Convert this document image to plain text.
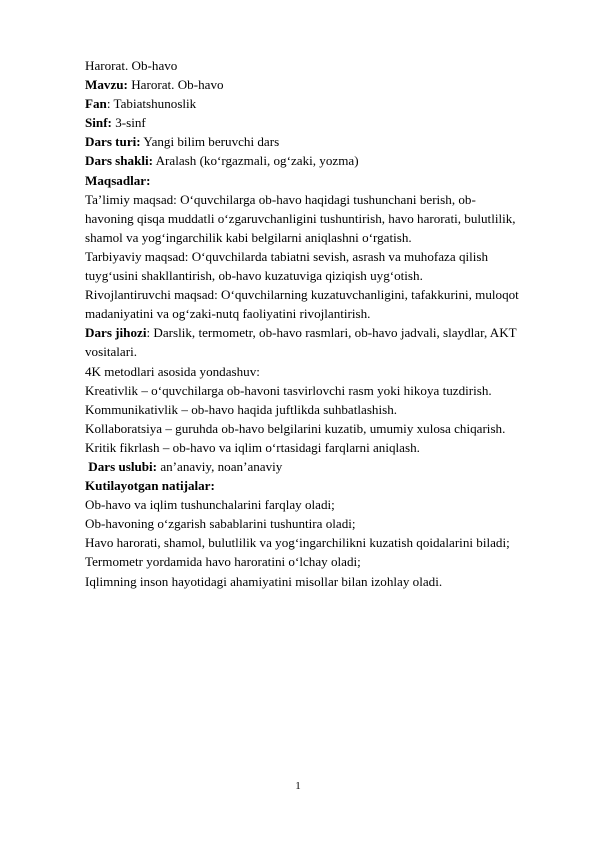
Harorat. Ob-havo

Mavzu: Harorat. Ob-havo

Fan: Tabiatshunoslik

Sinf: 3-sinf

Dars turi: Yangi bilim beruvchi dars

Dars shakli: Aralash (ko‘rgazmali, og‘zaki, yozma)

Maqsadlar:

Ta’limiy maqsad: O‘quvchilarga ob-havo haqidagi tushunchani berish, ob-

havoning qisqa muddatli o‘zgaruvchanligini tushuntirish, havo harorati, bulutlilik,

shamol va yog‘ingarchilik kabi belgilarni aniqlashni o‘rgatish.

Tarbiyaviy maqsad: O‘quvchilarda tabiatni sevish, asrash va muhofaza qilish

tuyg‘usini shakllantirish, ob-havo kuzatuviga qiziqish uyg‘otish.

Rivojlantiruvchi maqsad: O‘quvchilarning kuzatuvchanligini, tafakkurini, muloqot

madaniyatini va og‘zaki-nutq faoliyatini rivojlantirish.

Dars jihozi: Darslik, termometr, ob-havo rasmlari, ob-havo jadvali, slaydlar, AKT

vositalari.

4K metodlari asosida yondashuv:

Kreativlik – o‘quvchilarga ob-havoni tasvirlovchi rasm yoki hikoya tuzdirish.

Kommunikativlik – ob-havo haqida juftlikda suhbatlashish.

Kollaboratsiya – guruhda ob-havo belgilarini kuzatib, umumiy xulosa chiqarish.

Kritik fikrlash – ob-havo va iqlim o‘rtasidagi farqlarni aniqlash.

Dars uslubi: an’anaviy, noan’anaviy

Kutilayotgan natijalar:

Ob-havo va iqlim tushunchalarini farqlay oladi;

Ob-havoning o‘zgarish sabablarini tushuntira oladi;

Havo harorati, shamol, bulutlilik va yog‘ingarchilikni kuzatish qoidalarini biladi;

Termometr yordamida havo haroratini o‘lchay oladi;

Iqlimning inson hayotidagi ahamiyatini misollar bilan izohlay oladi.

1
